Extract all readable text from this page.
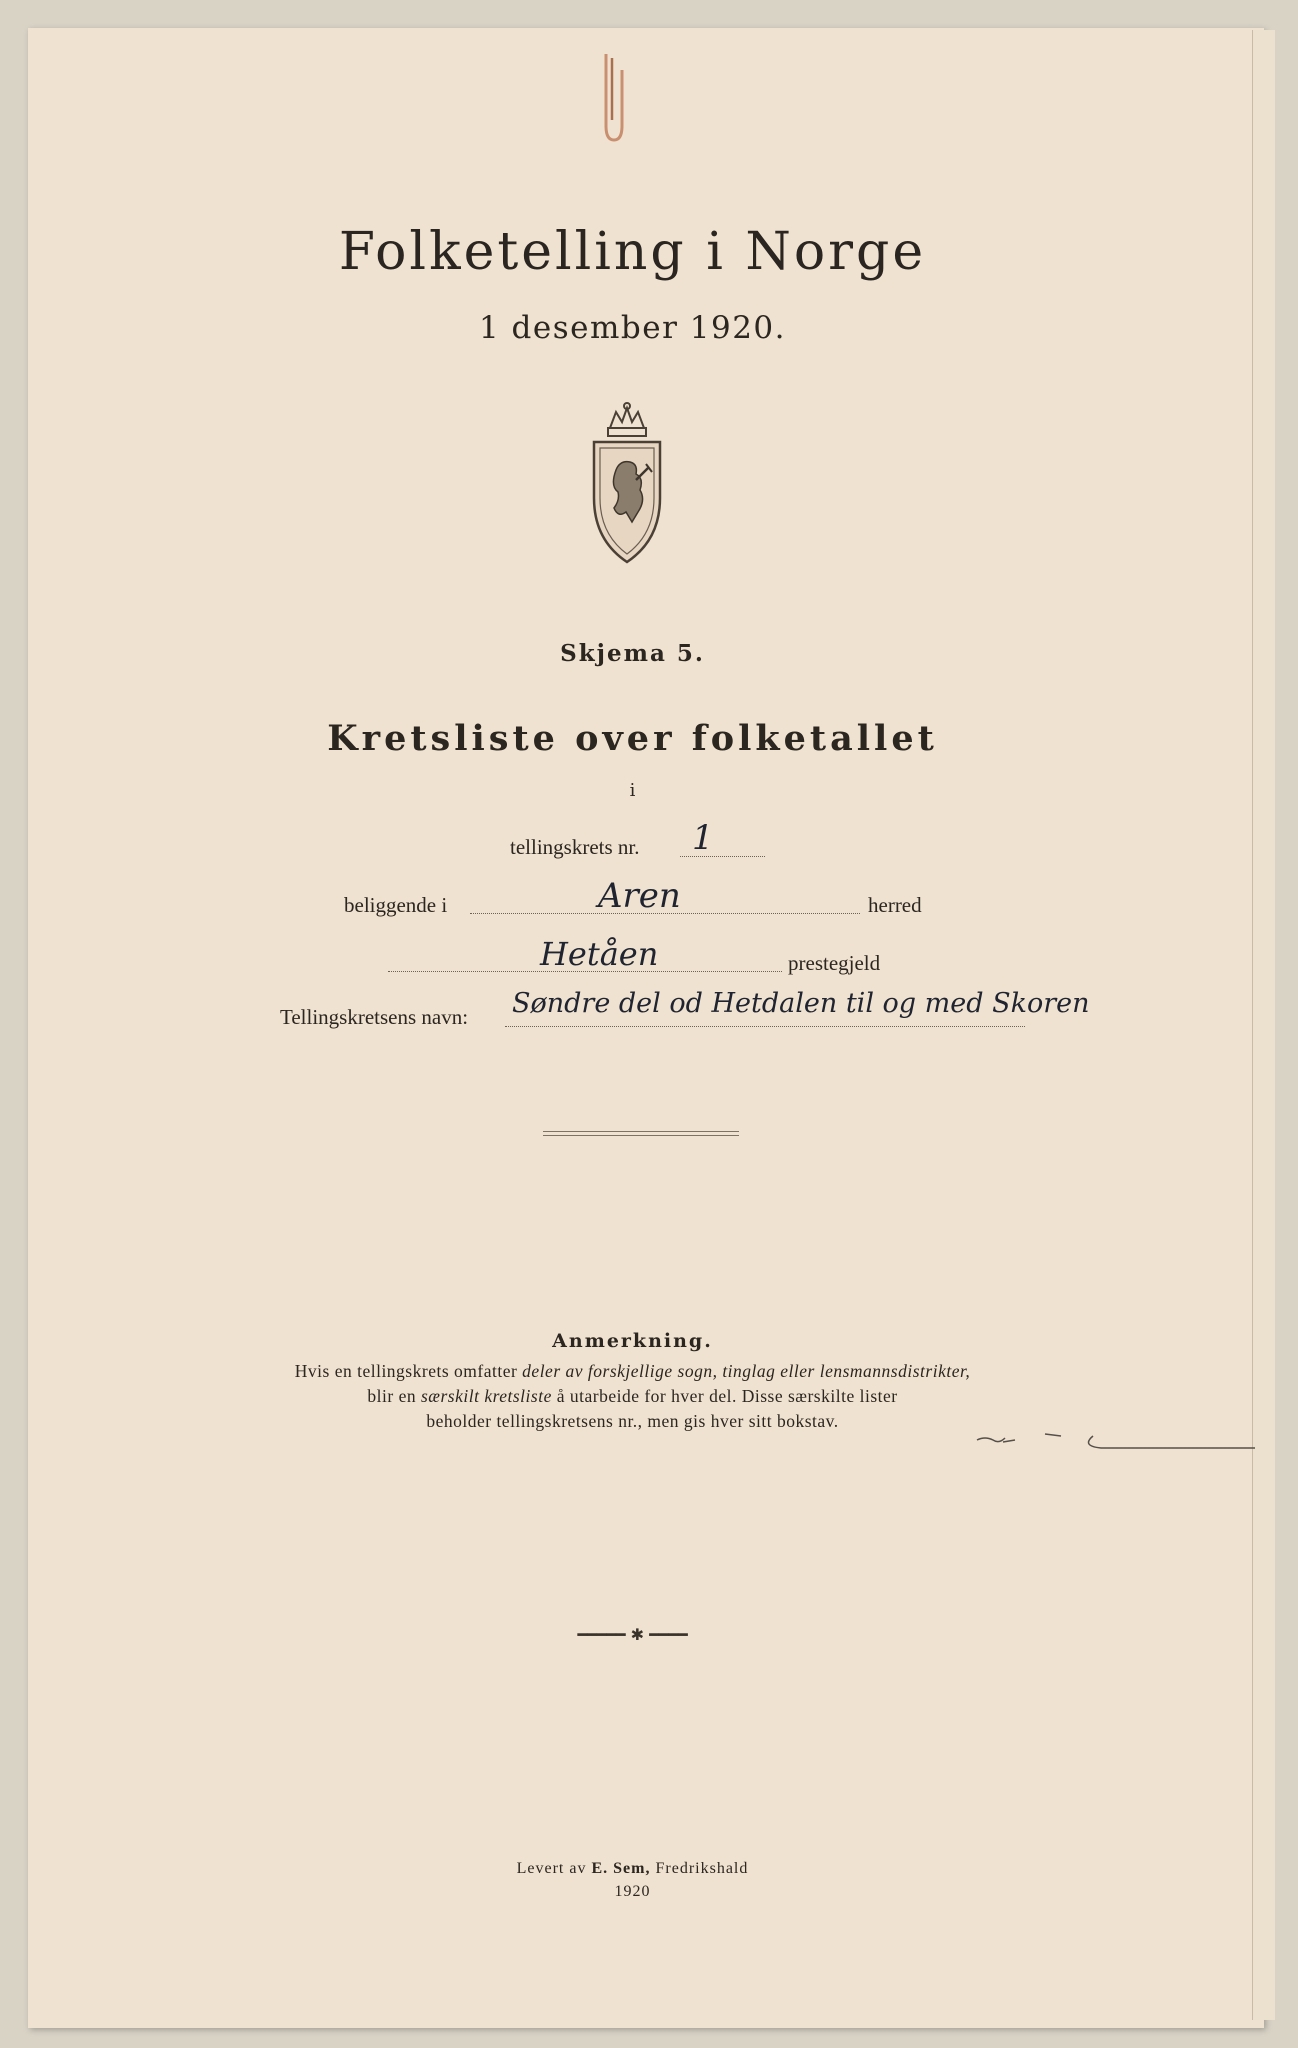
Folketelling i Norge
1 desember 1920.
Skjema 5.
Kretsliste over folketallet
i
tellingskrets nr. 1
beliggende i	Aren	herred
Hetåen	prestegjeld
Tellingskretsens navn: Søndre del od Hetdalen til og med Skoren
Anmerkning.
Hvis en tellingskrets omfatter deler av forskjellige sogn, tinglag eller lensmannsdistrikter,
blir en særskilt kretsliste å utarbeide for hver del. Disse særskilte lister
beholder tellingskretsens nr., men gis hver sitt bokstav.
━━━━━ ✱ ━━━━
Levert av E. Sem, Fredrikshald
1920
